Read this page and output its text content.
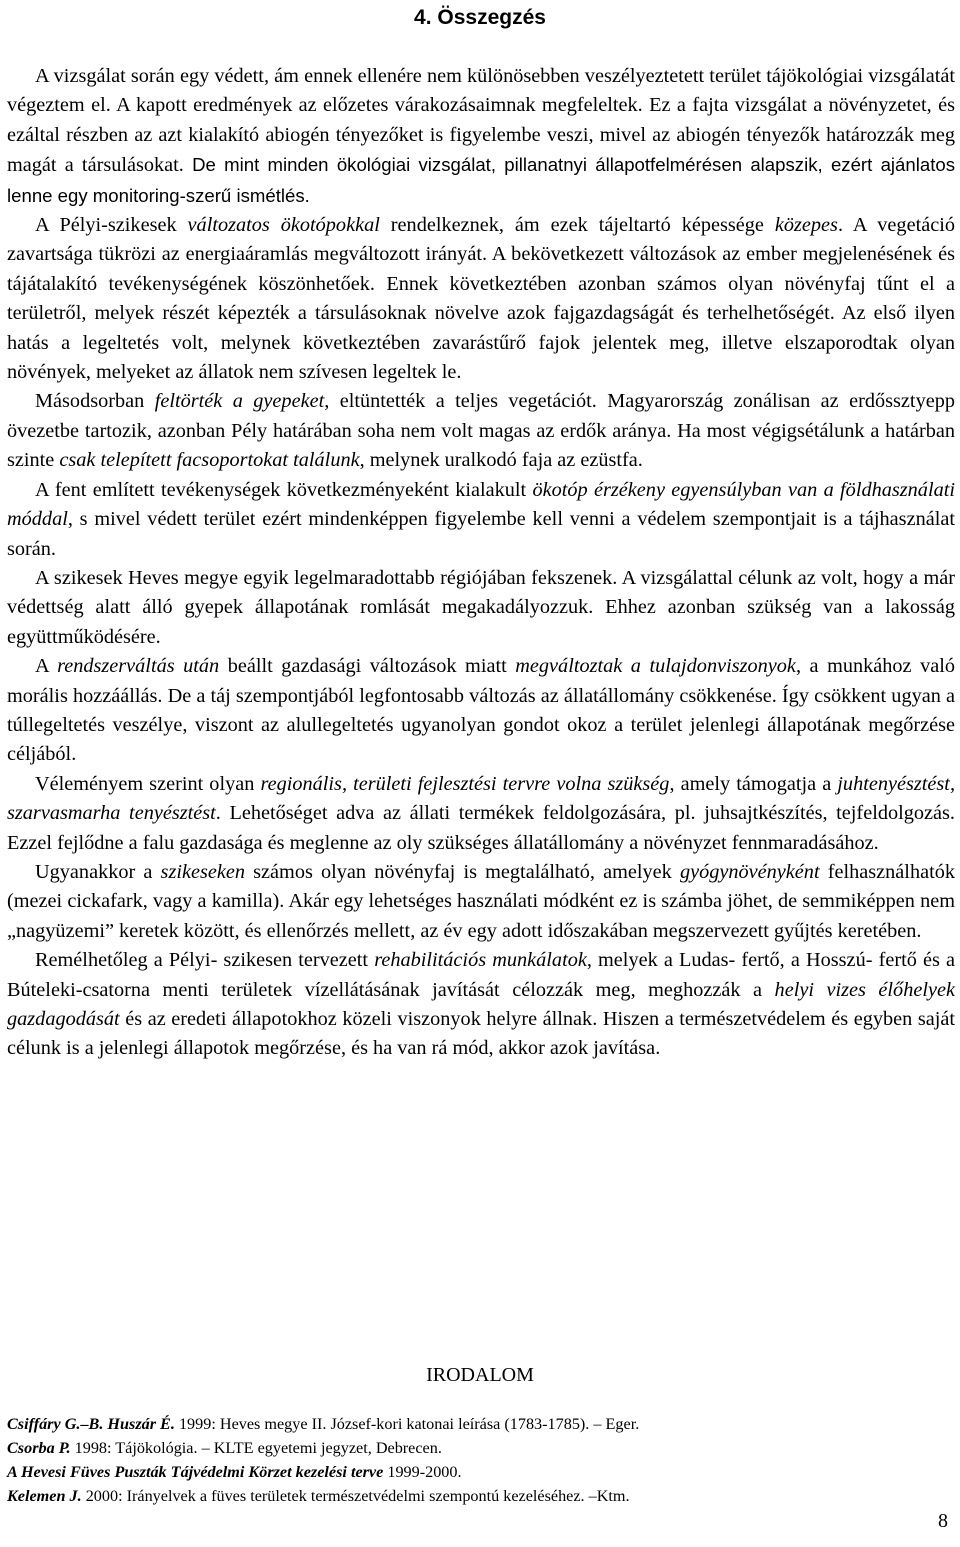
4. Összegzés

A vizsgálat során egy védett, ám ennek ellenére nem különösebben veszélyeztetett terület tájökológiai vizsgálatát végeztem el. A kapott eredmények az előzetes várakozásaimnak megfeleltek. Ez a fajta vizsgálat a növényzetet, és ezáltal részben az azt kialakító abiogén tényezőket is figyelembe veszi, mivel az abiogén tényezők határozzák meg magát a társulásokat. De mint minden ökológiai vizsgálat, pillanatnyi állapotfelmérésen alapszik, ezért ajánlatos lenne egy monitoring-szerű ismétlés.

A Pélyi-szikesek változatos ökotópokkal rendelkeznek, ám ezek tájeltartó képessége közepes. A vegetáció zavartsága tükrözi az energiaáramlás megváltozott irányát. A bekövetkezett változások az ember megjelenésének és tájátalakító tevékenységének köszönhetőek. Ennek következtében azonban számos olyan növényfaj tűnt el a területről, melyek részét képezték a társulásoknak növelve azok fajgazdagságát és terhelhetőségét. Az első ilyen hatás a legeltetés volt, melynek következtében zavarástűrő fajok jelentek meg, illetve elszaporodtak olyan növények, melyeket az állatok nem szívesen legeltek le.

Másodsorban feltörték a gyepeket, eltüntették a teljes vegetációt. Magyarország zonálisan az erdőssztyepp övezetbe tartozik, azonban Pély határában soha nem volt magas az erdők aránya. Ha most végigsétálunk a határban szinte csak telepített facsoportokat találunk, melynek uralkodó faja az ezüstfa.

A fent említett tevékenységek következményeként kialakult ökotóp érzékeny egyensúlyban van a földhasználati móddal, s mivel védett terület ezért mindenképpen figyelembe kell venni a védelem szempontjait is a tájhasználat során.

A szikesek Heves megye egyik legelmaradottabb régiójában fekszenek. A vizsgálattal célunk az volt, hogy a már védettség alatt álló gyepek állapotának romlását megakadályozzuk. Ehhez azonban szükség van a lakosság együttműködésére.

A rendszerváltás után beállt gazdasági változások miatt megváltoztak a tulajdonviszonyok, a munkához való morális hozzáállás. De a táj szempontjából legfontosabb változás az állatállomány csökkenése. Így csökkent ugyan a túllegeltetés veszélye, viszont az alullegeltetés ugyanolyan gondot okoz a terület jelenlegi állapotának megőrzése céljából.

Véleményem szerint olyan regionális, területi fejlesztési tervre volna szükség, amely támogatja a juhtenyésztést, szarvasmarha tenyésztést. Lehetőséget adva az állati termékek feldolgozására, pl. juhsajtkészítés, tejfeldolgozás. Ezzel fejlődne a falu gazdasága és meglenne az oly szükséges állatállomány a növényzet fennmaradásához.

Ugyanakkor a szikeseken számos olyan növényfaj is megtalálható, amelyek gyógynövényként felhasználhatók (mezei cickafark, vagy a kamilla). Akár egy lehetséges használati módként ez is számba jöhet, de semmiképpen nem „nagyüzemi” keretek között, és ellenőrzés mellett, az év egy adott időszakában megszervezett gyűjtés keretében.

Remélhetőleg a Pélyi- szikesen tervezett rehabilitációs munkálatok, melyek a Ludas- fertő, a Hosszú- fertő és a Búteleki-csatorna menti területek vízellátásának javítását célozzák meg, meghozzák a helyi vizes élőhelyek gazdagodását és az eredeti állapotokhoz közeli viszonyok helyre állnak. Hiszen a természetvédelem és egyben saját célunk is a jelenlegi állapotok megőrzése, és ha van rá mód, akkor azok javítása.

IRODALOM

Csiffáry G.–B. Huszár É. 1999: Heves megye II. József-kori katonai leírása (1783-1785). – Eger.

Csorba P. 1998: Tájökológia. – KLTE egyetemi jegyzet, Debrecen.

A Hevesi Füves Puszták Tájvédelmi Körzet kezelési terve 1999-2000.

Kelemen J. 2000: Irányelvek a füves területek természetvédelmi szempontú kezeléséhez. –Ktm.

8
